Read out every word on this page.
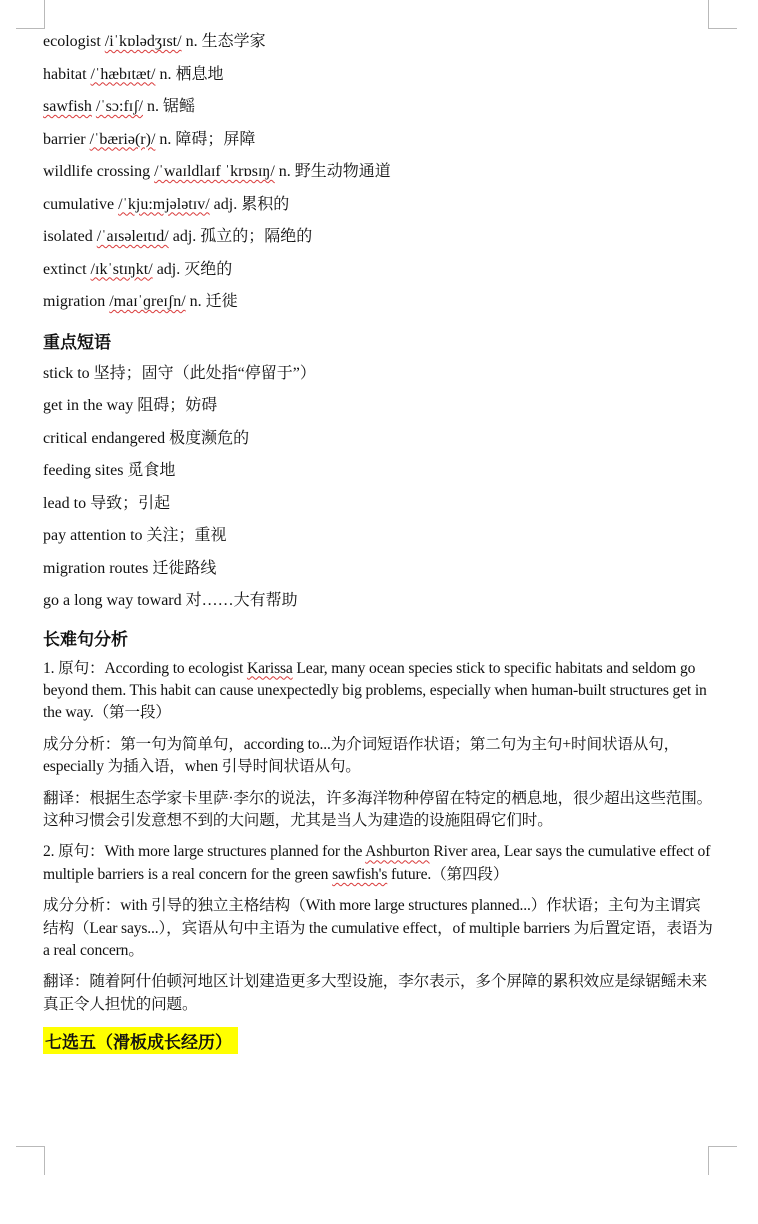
ecologist /iˈkɒlədʒɪst/ n. 生态学家
habitat /ˈhæbɪtæt/ n. 栖息地
sawfish /ˈsɔ:fɪʃ/ n. 锯鳐
barrier /ˈbæriə(r)/ n. 障碍；屏障
wildlife crossing /ˈwaɪldlaɪf ˈkrɒsɪŋ/ n. 野生动物通道
cumulative /ˈkju:mjələtɪv/ adj. 累积的
isolated /ˈaɪsəleɪtɪd/ adj. 孤立的；隔绝的
extinct /ɪkˈstɪŋkt/ adj. 灭绝的
migration /maɪˈɡreɪʃn/ n. 迁徙
重点短语
stick to 坚持；固守（此处指“停留于”）
get in the way 阻碍；妨碍
critical endangered 极度濒危的
feeding sites 觅食地
lead to 导致；引起
pay attention to 关注；重视
migration routes 迁徙路线
go a long way toward 对……大有帮助
长难句分析

1. 原句：According to ecologist Karissa Lear, many ocean species stick to specific habitats and seldom go beyond them. This habit can cause unexpectedly big problems, especially when human-built structures get in the way.（第一段）

成分分析：第一句为简单句，according to...为介词短语作状语；第二句为主句+时间状语从句，especially 为插入语，when 引导时间状语从句。

翻译：根据生态学家卡里萨·李尔的说法，许多海洋物种停留在特定的栖息地，很少超出这些范围。这种习惯会引发意想不到的大问题，尤其是当人为建造的设施阻碍它们时。

2. 原句：With more large structures planned for the Ashburton River area, Lear says the cumulative effect of multiple barriers is a real concern for the green sawfish's future.（第四段）

成分分析：with 引导的独立主格结构（With more large structures planned...）作状语；主句为主谓宾结构（Lear says...），宾语从句中主语为 the cumulative effect，of multiple barriers 为后置定语，表语为 a real concern。

翻译：随着阿什伯顿河地区计划建造更多大型设施，李尔表示，多个屏障的累积效应是绿锯鳐未来真正令人担忧的问题。

七选五（滑板成长经历）
